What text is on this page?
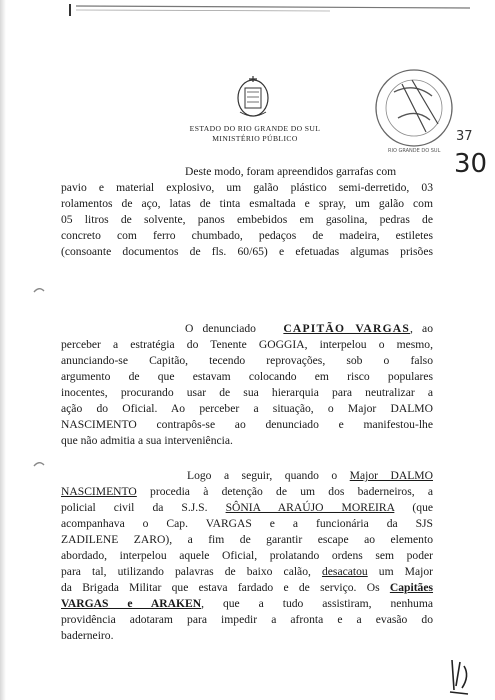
ESTADO DO RIO GRANDE DO SUL
MINISTÉRIO PÚBLICO	37
30
RIO GRANDE DO SUL
Deste modo, foram apreendidos garrafas com
pavio e material explosivo, um galão plástico semi-derretido, 03
rolamentos de aço, latas de tinta esmaltada e spray, um galão com
05 litros de solvente, panos embebidos em gasolina, pedras de
concreto com ferro chumbado, pedaços de madeira, estiletes
(consoante documentos de fls. 60/65) e efetuadas algumas prisões
O denunciado CAPITÃO VARGAS, ao
perceber a estratégia do Tenente GOGGIA, interpelou o mesmo,
anunciando-se Capitão, tecendo reprovações, sob o falso
argumento de que estavam colocando em risco populares
inocentes, procurando usar de sua hierarquia para neutralizar a
ação do Oficial. Ao perceber a situação, o Major DALMO
NASCIMENTO contrapôs-se ao denunciado e manifestou-lhe
que não admitia a sua interveniência.
Logo a seguir, quando o Major DALMO
NASCIMENTO procedia à detenção de um dos baderneiros, a
policial civil da S.J.S. SÔNIA ARAÚJO MOREIRA (que
acompanhava o Cap. VARGAS e a funcionária da SJS
ZADILENE ZARO), a fim de garantir escape ao elemento
abordado, interpelou aquele Oficial, prolatando ordens sem poder
para tal, utilizando palavras de baixo calão, desacatou um Major
da Brigada Militar que estava fardado e de serviço. Os Capitães
VARGAS e ARAKEN, que a tudo assistiram, nenhuma
providência adotaram para impedir a afronta e a evasão do
baderneiro.
